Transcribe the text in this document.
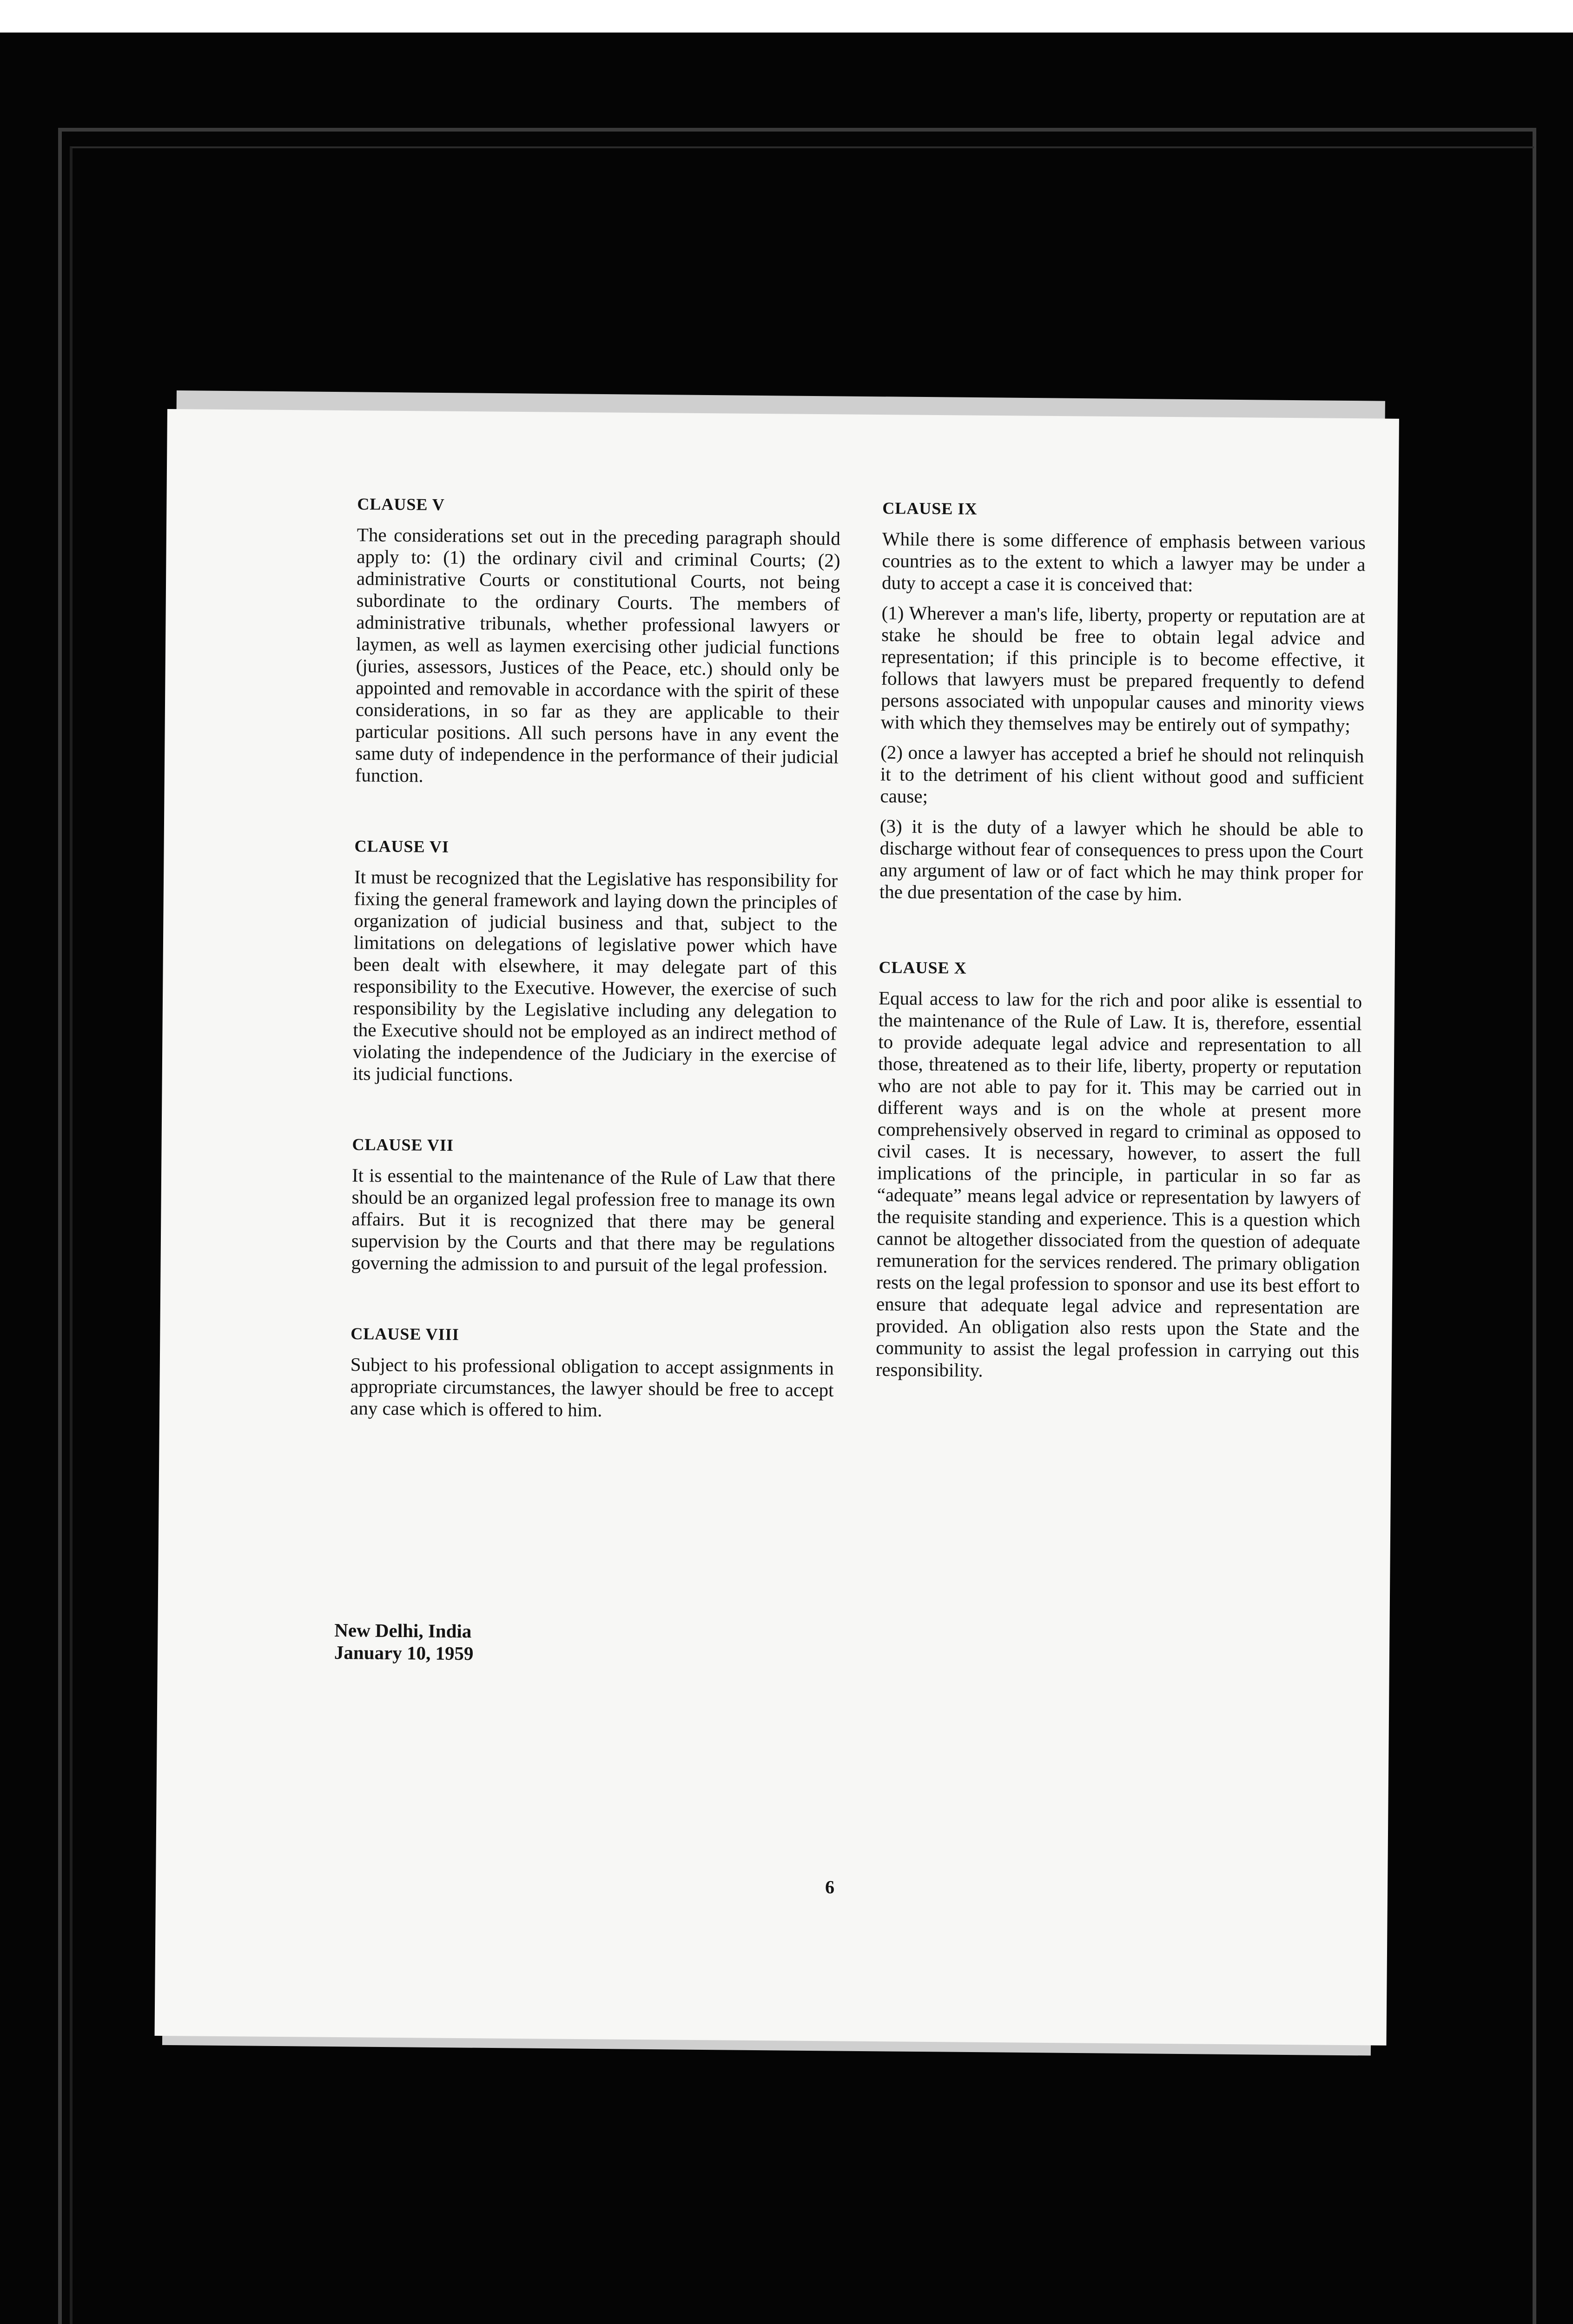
CLAUSE V

The considerations set out in the preceding paragraph should apply to: (1) the ordinary civil and criminal Courts; (2) administrative Courts or constitutional Courts, not being subordinate to the ordinary Courts. The members of administrative tribunals, whether professional lawyers or laymen, as well as laymen exercising other judicial functions (juries, assessors, Justices of the Peace, etc.) should only be appointed and removable in accordance with the spirit of these considerations, in so far as they are applicable to their particular positions. All such persons have in any event the same duty of independence in the performance of their judicial function.

CLAUSE VI

It must be recognized that the Legislative has responsibility for fixing the general framework and laying down the principles of organization of judicial business and that, subject to the limitations on delegations of legislative power which have been dealt with elsewhere, it may delegate part of this responsibility to the Executive. However, the exercise of such responsibility by the Legislative including any delegation to the Executive should not be employed as an indirect method of violating the independence of the Judiciary in the exercise of its judicial functions.

CLAUSE VII

It is essential to the maintenance of the Rule of Law that there should be an organized legal profession free to manage its own affairs. But it is recognized that there may be general supervision by the Courts and that there may be regulations governing the admission to and pursuit of the legal profession.

CLAUSE VIII

Subject to his professional obligation to accept assignments in appropriate circumstances, the lawyer should be free to accept any case which is offered to him.

CLAUSE IX

While there is some difference of emphasis between various countries as to the extent to which a lawyer may be under a duty to accept a case it is conceived that:

(1) Wherever a man's life, liberty, property or reputation are at stake he should be free to obtain legal advice and representation; if this principle is to become effective, it follows that lawyers must be prepared frequently to defend persons associated with unpopular causes and minority views with which they themselves may be entirely out of sympathy;

(2) once a lawyer has accepted a brief he should not relinquish it to the detriment of his client without good and sufficient cause;

(3) it is the duty of a lawyer which he should be able to discharge without fear of consequences to press upon the Court any argument of law or of fact which he may think proper for the due presentation of the case by him.

CLAUSE X

Equal access to law for the rich and poor alike is essential to the maintenance of the Rule of Law. It is, therefore, essential to provide adequate legal advice and representation to all those, threatened as to their life, liberty, property or reputation who are not able to pay for it. This may be carried out in different ways and is on the whole at present more comprehensively observed in regard to criminal as opposed to civil cases. It is necessary, however, to assert the full implications of the principle, in particular in so far as “adequate” means legal advice or representation by lawyers of the requisite standing and experience. This is a question which cannot be altogether dissociated from the question of adequate remuneration for the services rendered. The primary obligation rests on the legal profession to sponsor and use its best effort to ensure that adequate legal advice and representation are provided. An obligation also rests upon the State and the community to assist the legal profession in carrying out this responsibility.

New Delhi, India
January 10, 1959
6
